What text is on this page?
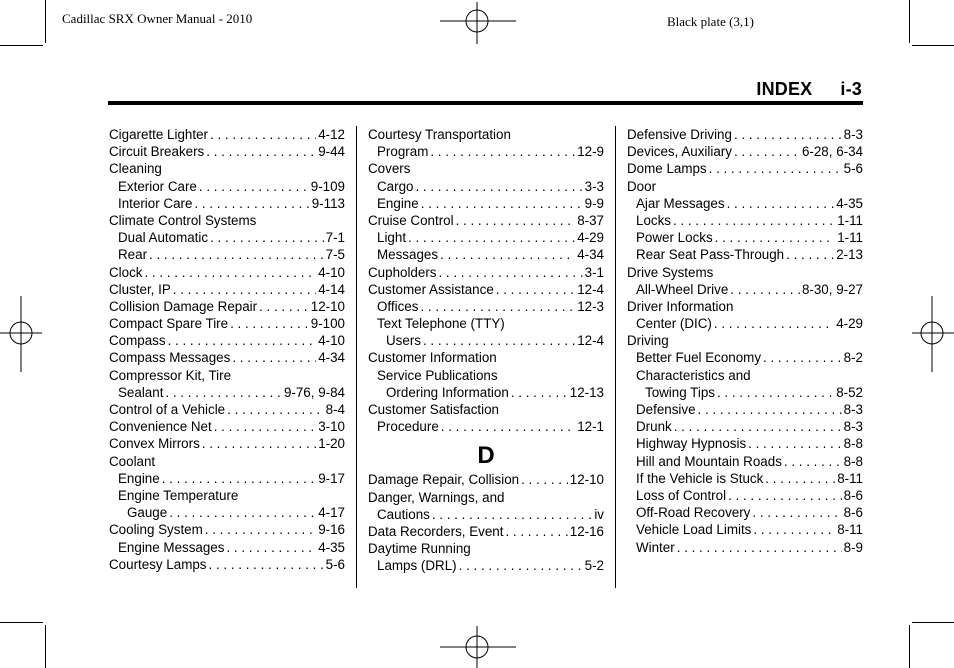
Cadillac SRX Owner Manual - 2010	Black plate (3,1)
INDEX i-3
Cigarette Lighter . . .	4-12
Circuit Breakers . . .	9-44
Cleaning
Exterior Care . . .	9-109
Interior Care . . .	9-113
Climate Control Systems
Dual Automatic . . .	7-1
Rear . . .	7-5
Clock . . .	4-10
Cluster, IP . . .	4-14
Collision Damage Repair . . .	12-10
Compact Spare Tire . . .	9-100
Compass . . .	4-10
Compass Messages . . .	4-34
Compressor Kit, Tire
Sealant . . .	9-76, 9-84
Control of a Vehicle . . .	8-4
Convenience Net . . .	3-10
Convex Mirrors . . .	1-20
Coolant
Engine . . .	9-17
Engine Temperature
Gauge . . .	4-17
Cooling System . . .	9-16
Engine Messages . . .	4-35
Courtesy Lamps . . .	5-6
Courtesy Transportation
Program . . .	12-9
Covers
Cargo . . .	3-3
Engine . . .	9-9
Cruise Control . . .	8-37
Light . . .	4-29
Messages . . .	4-34
Cupholders . . .	3-1
Customer Assistance . . .	12-4
Offices . . .	12-3
Text Telephone (TTY)
Users . . .	12-4
Customer Information
Service Publications
Ordering Information . . .	12-13
Customer Satisfaction
Procedure . . .	12-1
D
Damage Repair, Collision . . .	12-10
Danger, Warnings, and
Cautions . . .	iv
Data Recorders, Event . . .	12-16
Daytime Running
Lamps (DRL) . . .	5-2
Defensive Driving . . .	8-3
Devices, Auxiliary . . .	6-28, 6-34
Dome Lamps . . .	5-6
Door
Ajar Messages . . .	4-35
Locks . . .	1-11
Power Locks . . .	1-11
Rear Seat Pass-Through . . .	2-13
Drive Systems
All-Wheel Drive . . .	8-30, 9-27
Driver Information
Center (DIC) . . .	4-29
Driving
Better Fuel Economy . . .	8-2
Characteristics and
Towing Tips . . .	8-52
Defensive . . .	8-3
Drunk . . .	8-3
Highway Hypnosis . . .	8-8
Hill and Mountain Roads . . .	8-8
If the Vehicle is Stuck . . .	8-11
Loss of Control . . .	8-6
Off-Road Recovery . . .	8-6
Vehicle Load Limits . . .	8-11
Winter . . .	8-9
